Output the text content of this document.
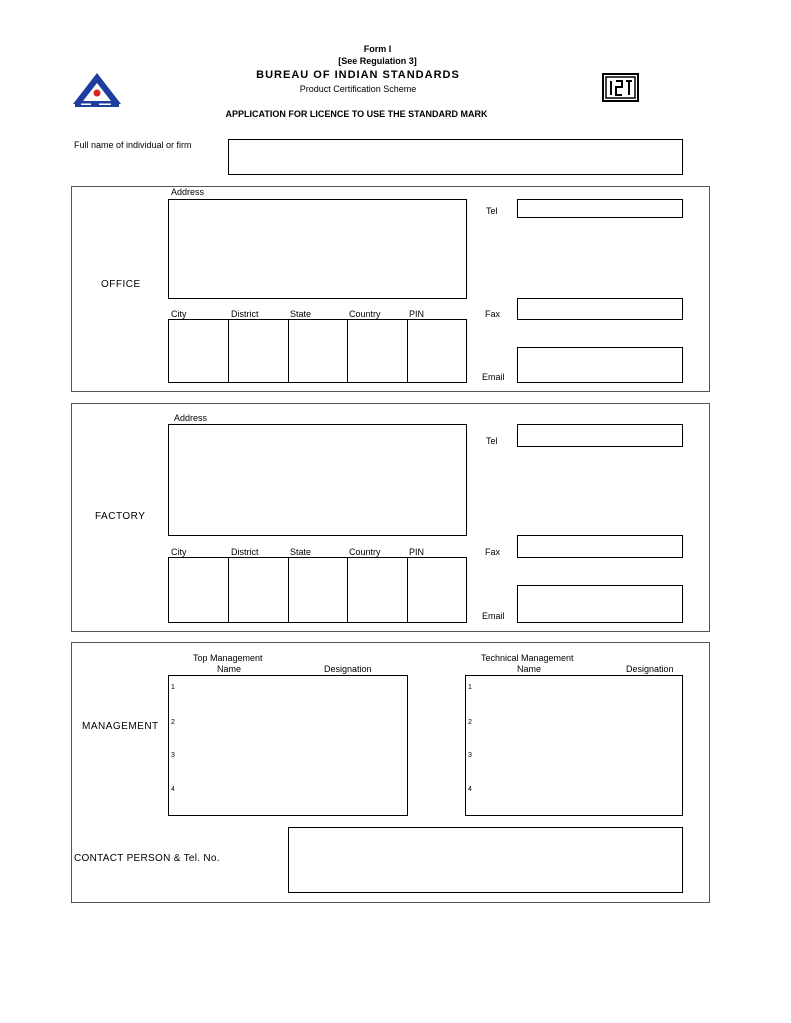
Form I
[See Regulation 3]
BUREAU OF INDIAN STANDARDS
Product Certification Scheme
APPLICATION FOR LICENCE TO USE THE STANDARD MARK
Full name of individual or firm
Address
OFFICE
City	District	State	Country	PIN
Tel
Fax
Email
Address
FACTORY
City	District	State	Country	PIN
Tel
Fax
Email
Top Management
Name	Designation
1
2
3
4
Technical Management
Name	Designation
1
2
3
4
MANAGEMENT
CONTACT PERSON & Tel. No.
